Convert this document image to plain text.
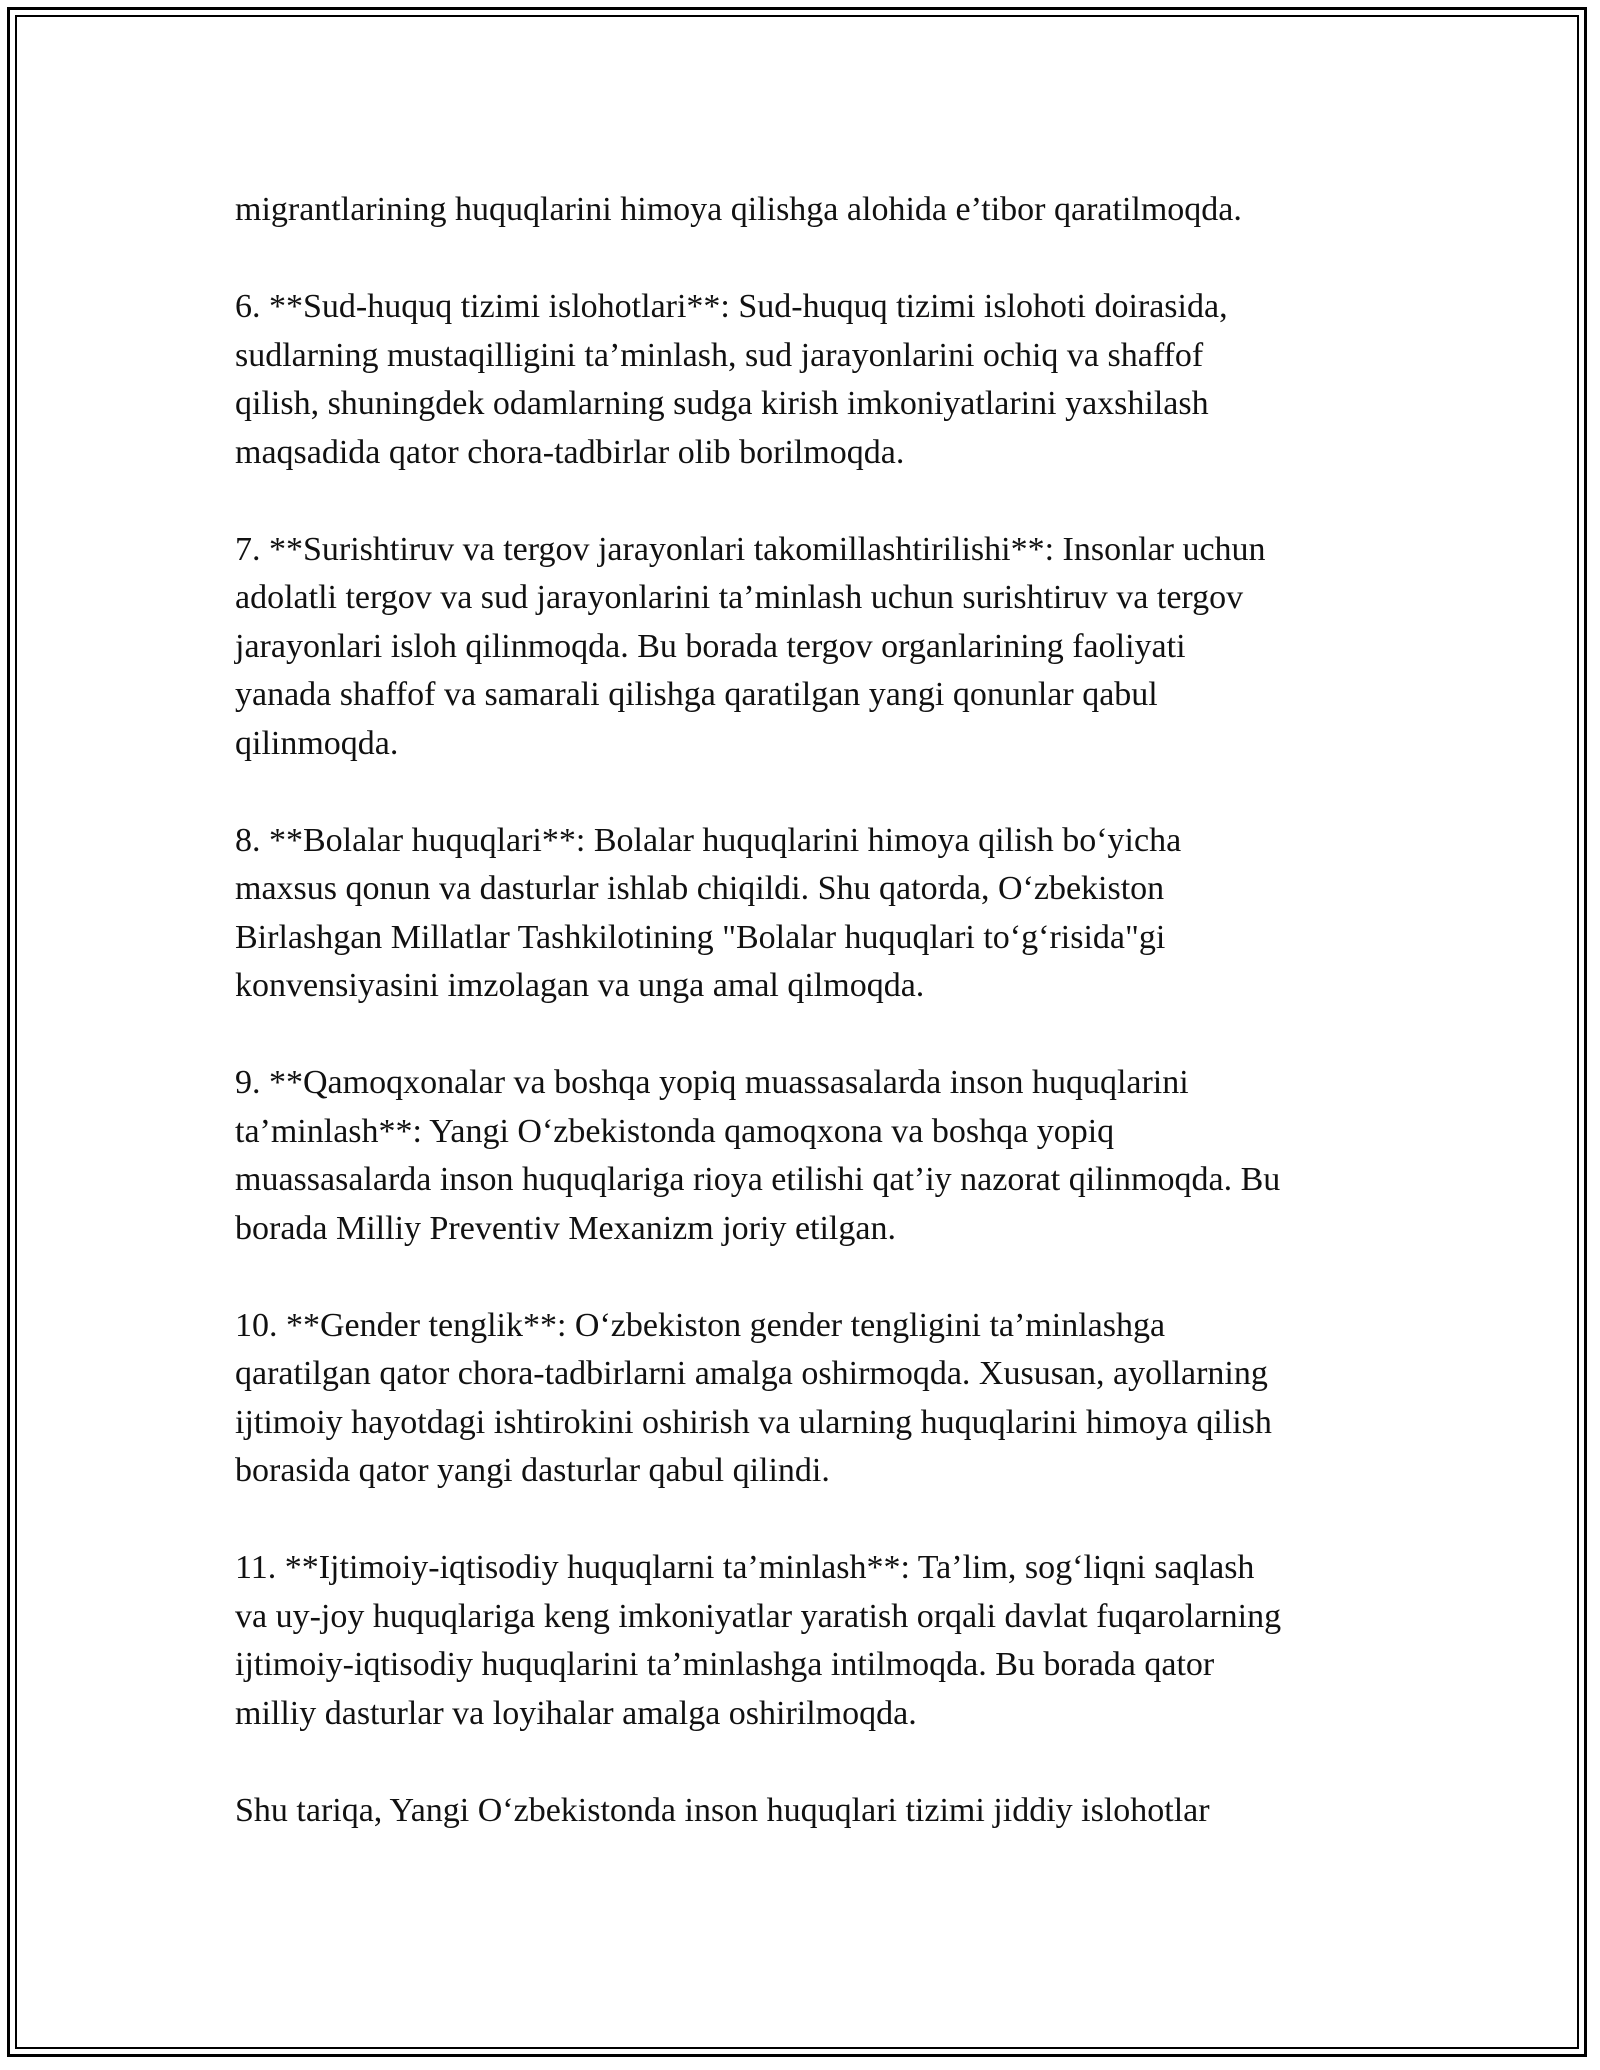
migrantlarining huquqlarini himoya qilishga alohida e’tibor qaratilmoqda.

6. **Sud-huquq tizimi islohotlari**: Sud-huquq tizimi islohoti doirasida,
sudlarning mustaqilligini ta’minlash, sud jarayonlarini ochiq va shaffof
qilish, shuningdek odamlarning sudga kirish imkoniyatlarini yaxshilash
maqsadida qator chora-tadbirlar olib borilmoqda.

7. **Surishtiruv va tergov jarayonlari takomillashtirilishi**: Insonlar uchun
adolatli tergov va sud jarayonlarini ta’minlash uchun surishtiruv va tergov
jarayonlari isloh qilinmoqda. Bu borada tergov organlarining faoliyati
yanada shaffof va samarali qilishga qaratilgan yangi qonunlar qabul
qilinmoqda.

8. **Bolalar huquqlari**: Bolalar huquqlarini himoya qilish bo‘yicha
maxsus qonun va dasturlar ishlab chiqildi. Shu qatorda, O‘zbekiston
Birlashgan Millatlar Tashkilotining "Bolalar huquqlari to‘g‘risida"gi
konvensiyasini imzolagan va unga amal qilmoqda.

9. **Qamoqxonalar va boshqa yopiq muassasalarda inson huquqlarini
ta’minlash**: Yangi O‘zbekistonda qamoqxona va boshqa yopiq
muassasalarda inson huquqlariga rioya etilishi qat’iy nazorat qilinmoqda. Bu
borada Milliy Preventiv Mexanizm joriy etilgan.

10. **Gender tenglik**: O‘zbekiston gender tengligini ta’minlashga
qaratilgan qator chora-tadbirlarni amalga oshirmoqda. Xususan, ayollarning
ijtimoiy hayotdagi ishtirokini oshirish va ularning huquqlarini himoya qilish
borasida qator yangi dasturlar qabul qilindi.

11. **Ijtimoiy-iqtisodiy huquqlarni ta’minlash**: Ta’lim, sog‘liqni saqlash
va uy-joy huquqlariga keng imkoniyatlar yaratish orqali davlat fuqarolarning
ijtimoiy-iqtisodiy huquqlarini ta’minlashga intilmoqda. Bu borada qator
milliy dasturlar va loyihalar amalga oshirilmoqda.

Shu tariqa, Yangi O‘zbekistonda inson huquqlari tizimi jiddiy islohotlar
